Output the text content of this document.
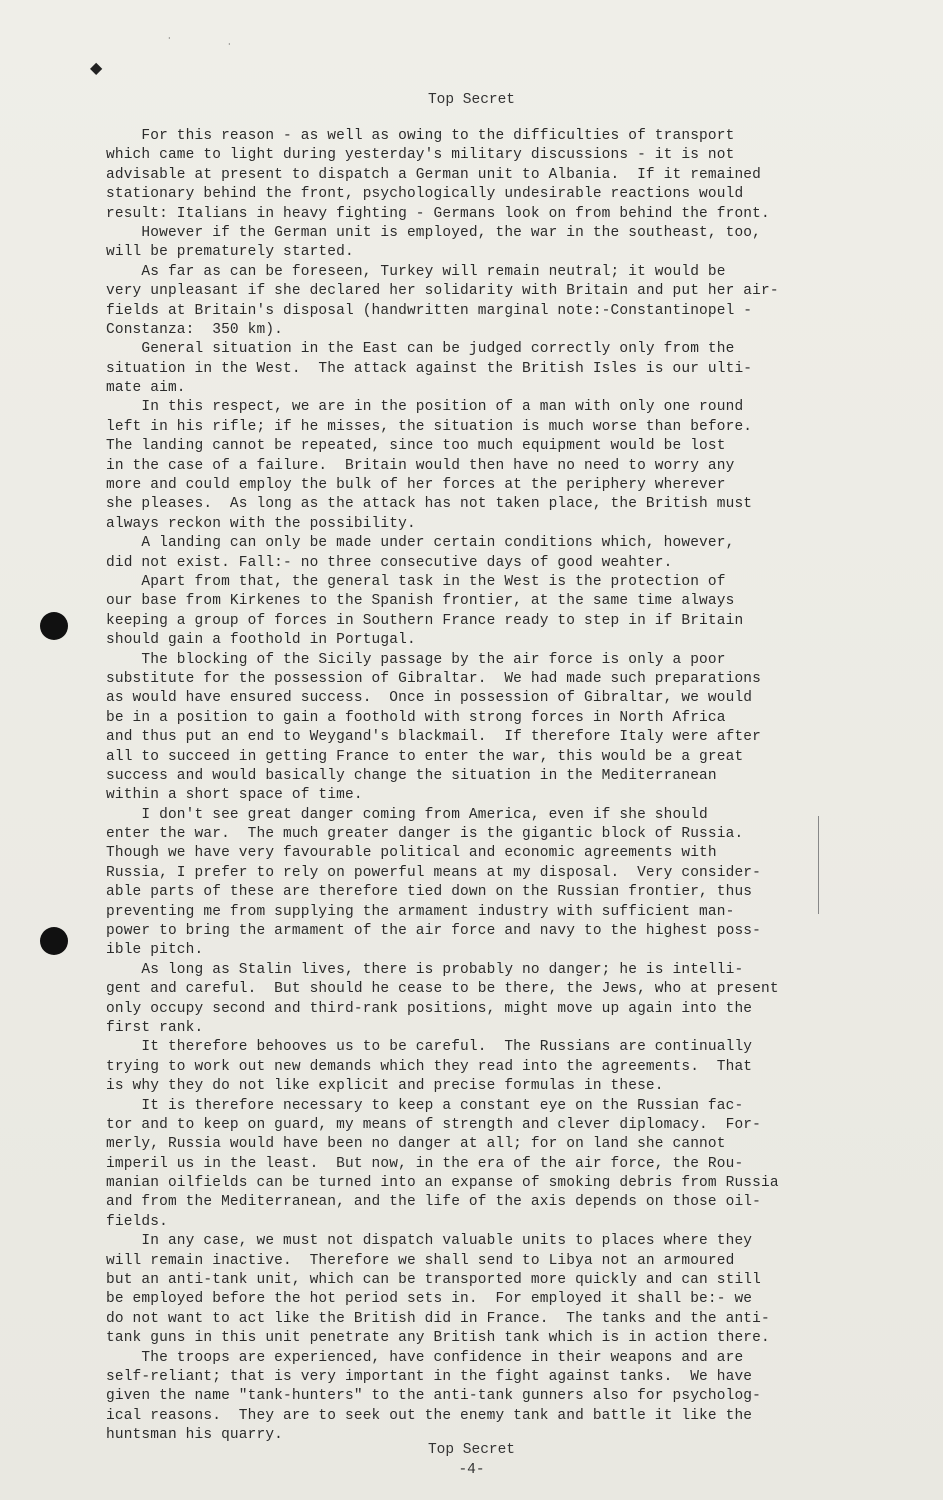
◆
·
·
Top Secret
For this reason - as well as owing to the difficulties of transport
which came to light during yesterday's military discussions - it is not
advisable at present to dispatch a German unit to Albania.  If it remained
stationary behind the front, psychologically undesirable reactions would
result: Italians in heavy fighting - Germans look on from behind the front.
However if the German unit is employed, the war in the southeast, too,
will be prematurely started.
As far as can be foreseen, Turkey will remain neutral; it would be
very unpleasant if she declared her solidarity with Britain and put her air-
fields at Britain's disposal (handwritten marginal note:-Constantinopel -
Constanza:  350 km).
General situation in the East can be judged correctly only from the
situation in the West.  The attack against the British Isles is our ulti-
mate aim.
In this respect, we are in the position of a man with only one round
left in his rifle; if he misses, the situation is much worse than before.
The landing cannot be repeated, since too much equipment would be lost
in the case of a failure.  Britain would then have no need to worry any
more and could employ the bulk of her forces at the periphery wherever
she pleases.  As long as the attack has not taken place, the British must
always reckon with the possibility.
A landing can only be made under certain conditions which, however,
did not exist. Fall:- no three consecutive days of good weahter.
Apart from that, the general task in the West is the protection of
our base from Kirkenes to the Spanish frontier, at the same time always
keeping a group of forces in Southern France ready to step in if Britain
should gain a foothold in Portugal.
The blocking of the Sicily passage by the air force is only a poor
substitute for the possession of Gibraltar.  We had made such preparations
as would have ensured success.  Once in possession of Gibraltar, we would
be in a position to gain a foothold with strong forces in North Africa
and thus put an end to Weygand's blackmail.  If therefore Italy were after
all to succeed in getting France to enter the war, this would be a great
success and would basically change the situation in the Mediterranean
within a short space of time.
I don't see great danger coming from America, even if she should
enter the war.  The much greater danger is the gigantic block of Russia.
Though we have very favourable political and economic agreements with
Russia, I prefer to rely on powerful means at my disposal.  Very consider-
able parts of these are therefore tied down on the Russian frontier, thus
preventing me from supplying the armament industry with sufficient man-
power to bring the armament of the air force and navy to the highest poss-
ible pitch.
As long as Stalin lives, there is probably no danger; he is intelli-
gent and careful.  But should he cease to be there, the Jews, who at present
only occupy second and third-rank positions, might move up again into the
first rank.
It therefore behooves us to be careful.  The Russians are continually
trying to work out new demands which they read into the agreements.  That
is why they do not like explicit and precise formulas in these.
It is therefore necessary to keep a constant eye on the Russian fac-
tor and to keep on guard, my means of strength and clever diplomacy.  For-
merly, Russia would have been no danger at all; for on land she cannot
imperil us in the least.  But now, in the era of the air force, the Rou-
manian oilfields can be turned into an expanse of smoking debris from Russia
and from the Mediterranean, and the life of the axis depends on those oil-
fields.
In any case, we must not dispatch valuable units to places where they
will remain inactive.  Therefore we shall send to Libya not an armoured
but an anti-tank unit, which can be transported more quickly and can still
be employed before the hot period sets in.  For employed it shall be:- we
do not want to act like the British did in France.  The tanks and the anti-
tank guns in this unit penetrate any British tank which is in action there.
The troops are experienced, have confidence in their weapons and are
self-reliant; that is very important in the fight against tanks.  We have
given the name "tank-hunters" to the anti-tank gunners also for psycholog-
ical reasons.  They are to seek out the enemy tank and battle it like the
huntsman his quarry.
Top Secret
-4-
